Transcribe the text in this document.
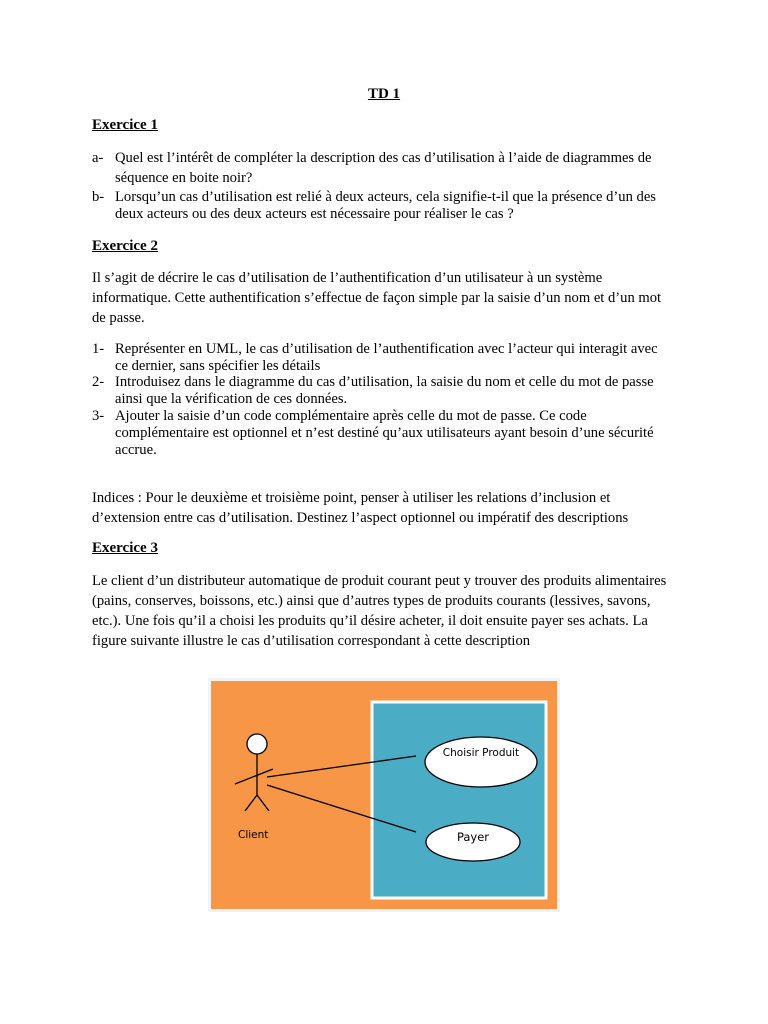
TD 1
Exercice 1
a- Quel est l’intérêt de compléter la description des cas d’utilisation à l’aide de diagrammes de séquence en boite noir?
b- Lorsqu’un cas d’utilisation est relié à deux acteurs, cela signifie-t-il que la présence d’un des deux acteurs ou des deux acteurs est nécessaire pour réaliser le cas ?
Exercice 2
Il s’agit de décrire le cas d’utilisation de l’authentification d’un utilisateur à un système informatique. Cette authentification s’effectue de façon simple par la saisie d’un nom et d’un mot de passe.
1- Représenter en UML, le cas d’utilisation de l’authentification avec l’acteur qui interagit avec ce dernier, sans spécifier les détails
2- Introduisez dans le diagramme du cas d’utilisation, la saisie du nom et celle du mot de passe ainsi que la vérification de ces données.
3- Ajouter la saisie d’un code complémentaire après celle du mot de passe. Ce code complémentaire est optionnel et n’est destiné qu’aux utilisateurs ayant besoin d’une sécurité accrue.
Indices : Pour le deuxième et troisième point, penser à utiliser les relations d’inclusion et d’extension entre cas d’utilisation. Destinez l’aspect optionnel ou impératif des descriptions
Exercice 3
Le client d’un distributeur automatique de produit courant peut y trouver des produits alimentaires (pains, conserves, boissons, etc.) ainsi que d’autres types de produits courants (lessives, savons, etc.). Une fois qu’il a choisi les produits qu’il désire acheter, il doit ensuite payer ses achats. La figure suivante illustre le cas d’utilisation correspondant à cette description
Client
Choisir Produit
Payer
